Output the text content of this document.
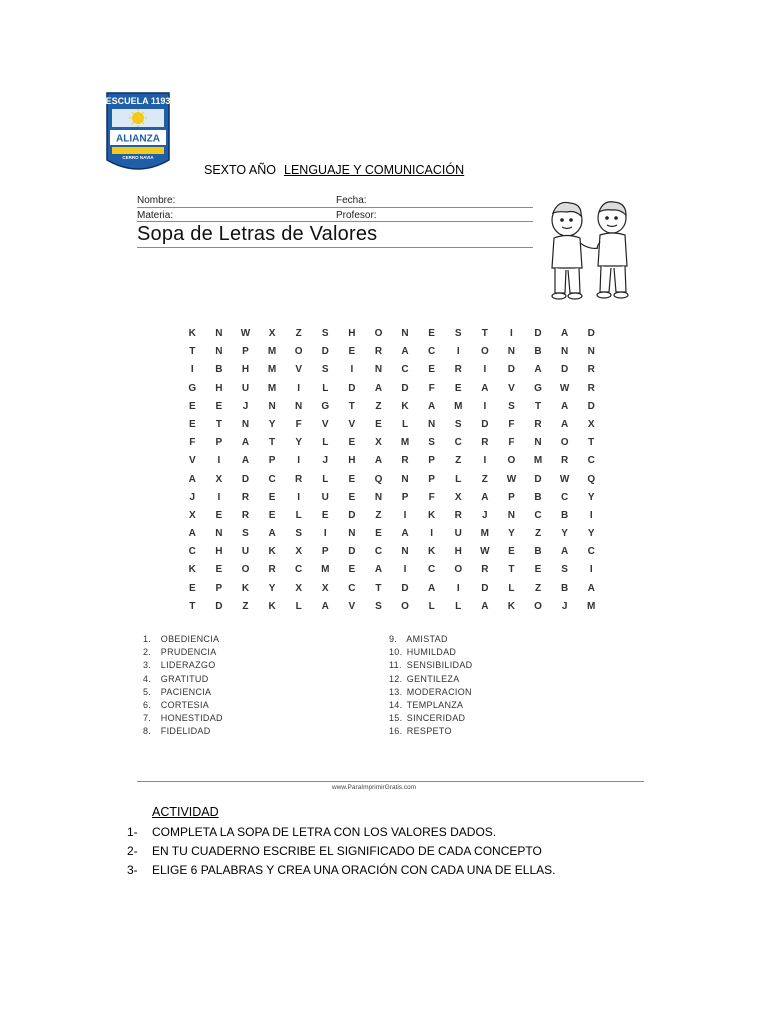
ESCUELA 1193
ALIANZA
CERRO NAVIA
SEXTO AÑO LENGUAJE Y COMUNICACIÓN
Nombre:	Fecha:
Materia:	Profesor:
Sopa de Letras de Valores
K	N	W	X	Z	S	H	O	N	E	S	T	I	D	A	D
T	N	P	M	O	D	E	R	A	C	I	O	N	B	N	N
I	B	H	M	V	S	I	N	C	E	R	I	D	A	D	R
G	H	U	M	I	L	D	A	D	F	E	A	V	G	W	R
E	E	J	N	N	G	T	Z	K	A	M	I	S	T	A	D
E	T	N	Y	F	V	V	E	L	N	S	D	F	R	A	X
F	P	A	T	Y	L	E	X	M	S	C	R	F	N	O	T
V	I	A	P	I	J	H	A	R	P	Z	I	O	M	R	C
A	X	D	C	R	L	E	Q	N	P	L	Z	W	D	W	Q
J	I	R	E	I	U	E	N	P	F	X	A	P	B	C	Y
X	E	R	E	L	E	D	Z	I	K	R	J	N	C	B	I
A	N	S	A	S	I	N	E	A	I	U	M	Y	Z	Y	Y
C	H	U	K	X	P	D	C	N	K	H	W	E	B	A	C
K	E	O	R	C	M	E	A	I	C	O	R	T	E	S	I
E	P	K	Y	X	X	C	T	D	A	I	D	L	Z	B	A
T	D	Z	K	L	A	V	S	O	L	L	A	K	O	J	M
1. OBEDIENCIA
2. PRUDENCIA
3. LIDERAZGO
4. GRATITUD
5. PACIENCIA
6. CORTESIA
7. HONESTIDAD
8. FIDELIDAD
9. AMISTAD
10. HUMILDAD
11. SENSIBILIDAD
12. GENTILEZA
13. MODERACION
14. TEMPLANZA
15. SINCERIDAD
16. RESPETO
www.ParaImprimirGratis.com
ACTIVIDAD
1-	COMPLETA LA SOPA DE LETRA CON LOS VALORES DADOS.
2-	EN TU CUADERNO ESCRIBE EL SIGNIFICADO DE CADA CONCEPTO
3-	ELIGE 6 PALABRAS Y CREA UNA ORACIÓN CON CADA UNA DE ELLAS.
